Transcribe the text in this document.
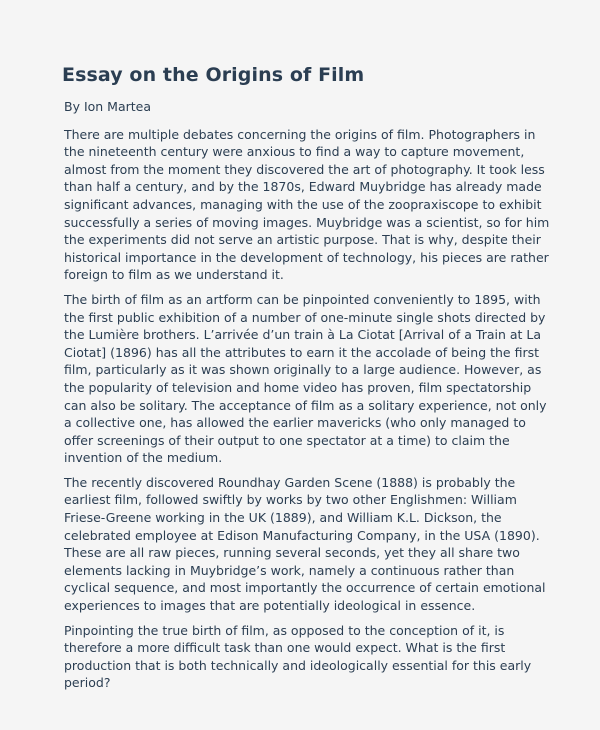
Essay on the Origins of Film
By Ion Martea

There are multiple debates concerning the origins of film. Photographers in the nineteenth century were anxious to find a way to capture movement, almost from the moment they discovered the art of photography. It took less than half a century, and by the 1870s, Edward Muybridge has already made significant advances, managing with the use of the zoopraxiscope to exhibit successfully a series of moving images. Muybridge was a scientist, so for him the experiments did not serve an artistic purpose. That is why, despite their historical importance in the development of technology, his pieces are rather foreign to film as we understand it.

The birth of film as an artform can be pinpointed conveniently to 1895, with the first public exhibition of a number of one-minute single shots directed by the Lumière brothers. L’arrivée d’un train à La Ciotat [Arrival of a Train at La Ciotat] (1896) has all the attributes to earn it the accolade of being the first film, particularly as it was shown originally to a large audience. However, as the popularity of television and home video has proven, film spectatorship can also be solitary. The acceptance of film as a solitary experience, not only a collective one, has allowed the earlier mavericks (who only managed to offer screenings of their output to one spectator at a time) to claim the invention of the medium.

The recently discovered Roundhay Garden Scene (1888) is probably the earliest film, followed swiftly by works by two other Englishmen: William Friese-Greene working in the UK (1889), and William K.L. Dickson, the celebrated employee at Edison Manufacturing Company, in the USA (1890). These are all raw pieces, running several seconds, yet they all share two elements lacking in Muybridge’s work, namely a continuous rather than cyclical sequence, and most importantly the occurrence of certain emotional experiences to images that are potentially ideological in essence.

Pinpointing the true birth of film, as opposed to the conception of it, is therefore a more difficult task than one would expect. What is the first production that is both technically and ideologically essential for this early period?
